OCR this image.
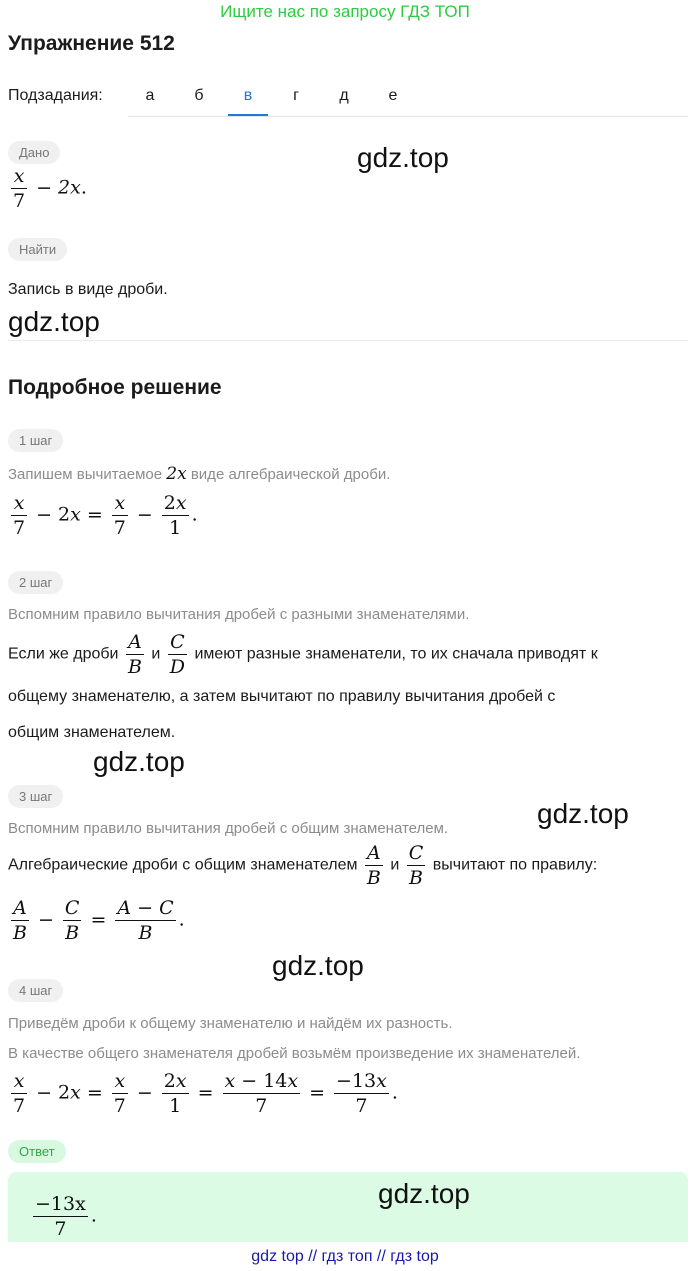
Ищите нас по запросу ГДЗ ТОП
Упражнение 512
Подзадания:	а	б	в	г	д	е
Дано	gdz.top
$\frac{x}{7} - 2x$.
Найти
Запись в виде дроби.
gdz.top
Подробное решение
1 шаг
Запишем вычитаемое 2x виде алгебраической дроби.
$\frac{x}{7} - 2x = \frac{x}{7} - \frac{2x}{1}$ .
2 шаг
Вспомним правило вычитания дробей с разными знаменателями.
Если же дроби $\frac{A}{B}$ и $\frac{C}{D}$ имеют разные знаменатели, то их сначала приводят к
общему знаменателю, а затем вычитают по правилу вычитания дробей с
общим знаменателем.
gdz.top
3 шаг
gdz.top
Вспомним правило вычитания дробей с общим знаменателем.
Алгебраические дроби с общим знаменателем $\frac{A}{B}$ и $\frac{C}{B}$ вычитают по правилу:
$\frac{A}{B} - \frac{C}{B} = \frac{A - C}{B}$ .
gdz.top
4 шаг
Приведём дроби к общему знаменателю и найдём их разность.
В качестве общего знаменателя дробей возьмём произведение их знаменателей.
$\frac{x}{7} - 2x = \frac{x}{7} - \frac{2x}{1} = \frac{x - 14x}{7} = \frac{-13x}{7}$ .
Ответ
gdz.top
$\frac{-13x}{7}$ .
gdz top // гдз топ // гдз top
